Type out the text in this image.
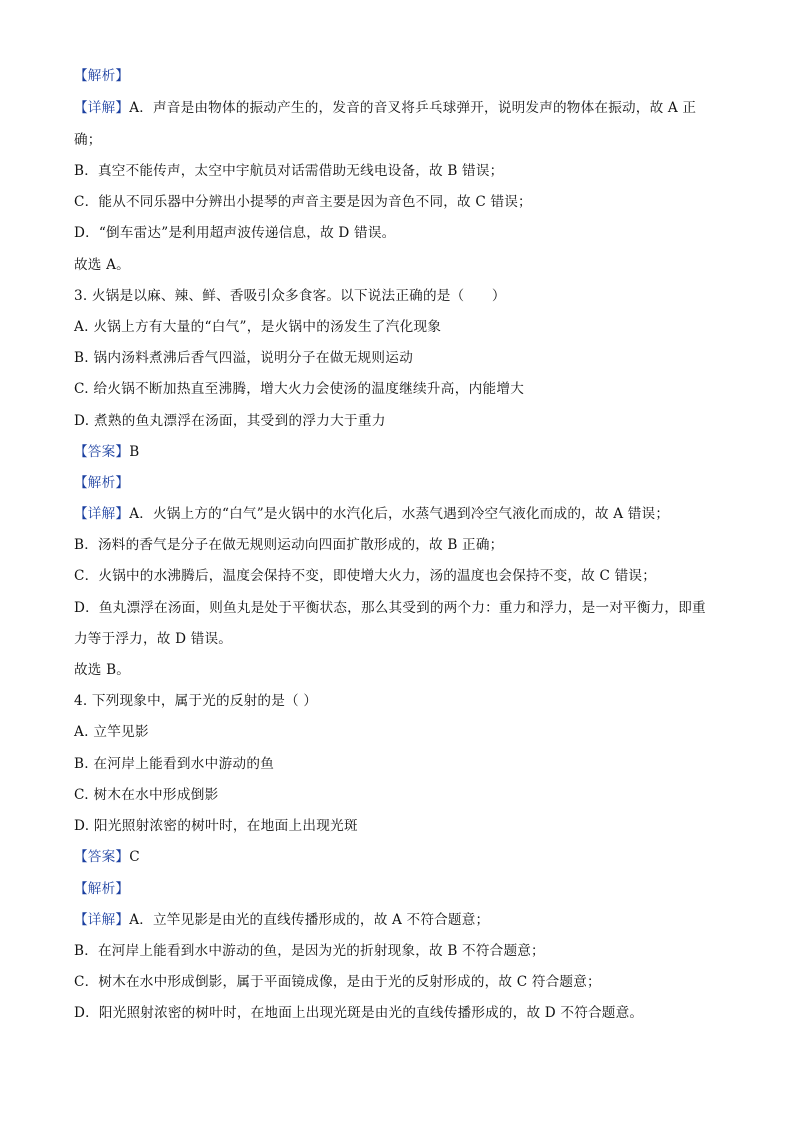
【解析】
【详解】A．声音是由物体的振动产生的，发音的音叉将乒乓球弹开，说明发声的物体在振动，故 A 正
确；
B．真空不能传声，太空中宇航员对话需借助无线电设备，故 B 错误；
C．能从不同乐器中分辨出小提琴的声音主要是因为音色不同，故 C 错误；
D．“倒车雷达”是利用超声波传递信息，故 D 错误。
故选 A。
3. 火锅是以麻、辣、鲜、香吸引众多食客。以下说法正确的是（　　）
A. 火锅上方有大量的“白气”，是火锅中的汤发生了汽化现象
B. 锅内汤料煮沸后香气四溢，说明分子在做无规则运动
C. 给火锅不断加热直至沸腾，增大火力会使汤的温度继续升高，内能增大
D. 煮熟的鱼丸漂浮在汤面，其受到的浮力大于重力
【答案】B
【解析】
【详解】A．火锅上方的“白气”是火锅中的水汽化后，水蒸气遇到冷空气液化而成的，故 A 错误；
B．汤料的香气是分子在做无规则运动向四面扩散形成的，故 B 正确；
C．火锅中的水沸腾后，温度会保持不变，即使增大火力，汤的温度也会保持不变，故 C 错误；
D．鱼丸漂浮在汤面，则鱼丸是处于平衡状态，那么其受到的两个力：重力和浮力，是一对平衡力，即重
力等于浮力，故 D 错误。
故选 B。
4. 下列现象中，属于光的反射的是（ ）
A. 立竿见影
B. 在河岸上能看到水中游动的鱼
C. 树木在水中形成倒影
D. 阳光照射浓密的树叶时，在地面上出现光斑
【答案】C
【解析】
【详解】A．立竿见影是由光的直线传播形成的，故 A 不符合题意；
B．在河岸上能看到水中游动的鱼，是因为光的折射现象，故 B 不符合题意；
C．树木在水中形成倒影，属于平面镜成像，是由于光的反射形成的，故 C 符合题意；
D．阳光照射浓密的树叶时，在地面上出现光斑是由光的直线传播形成的，故 D 不符合题意。
